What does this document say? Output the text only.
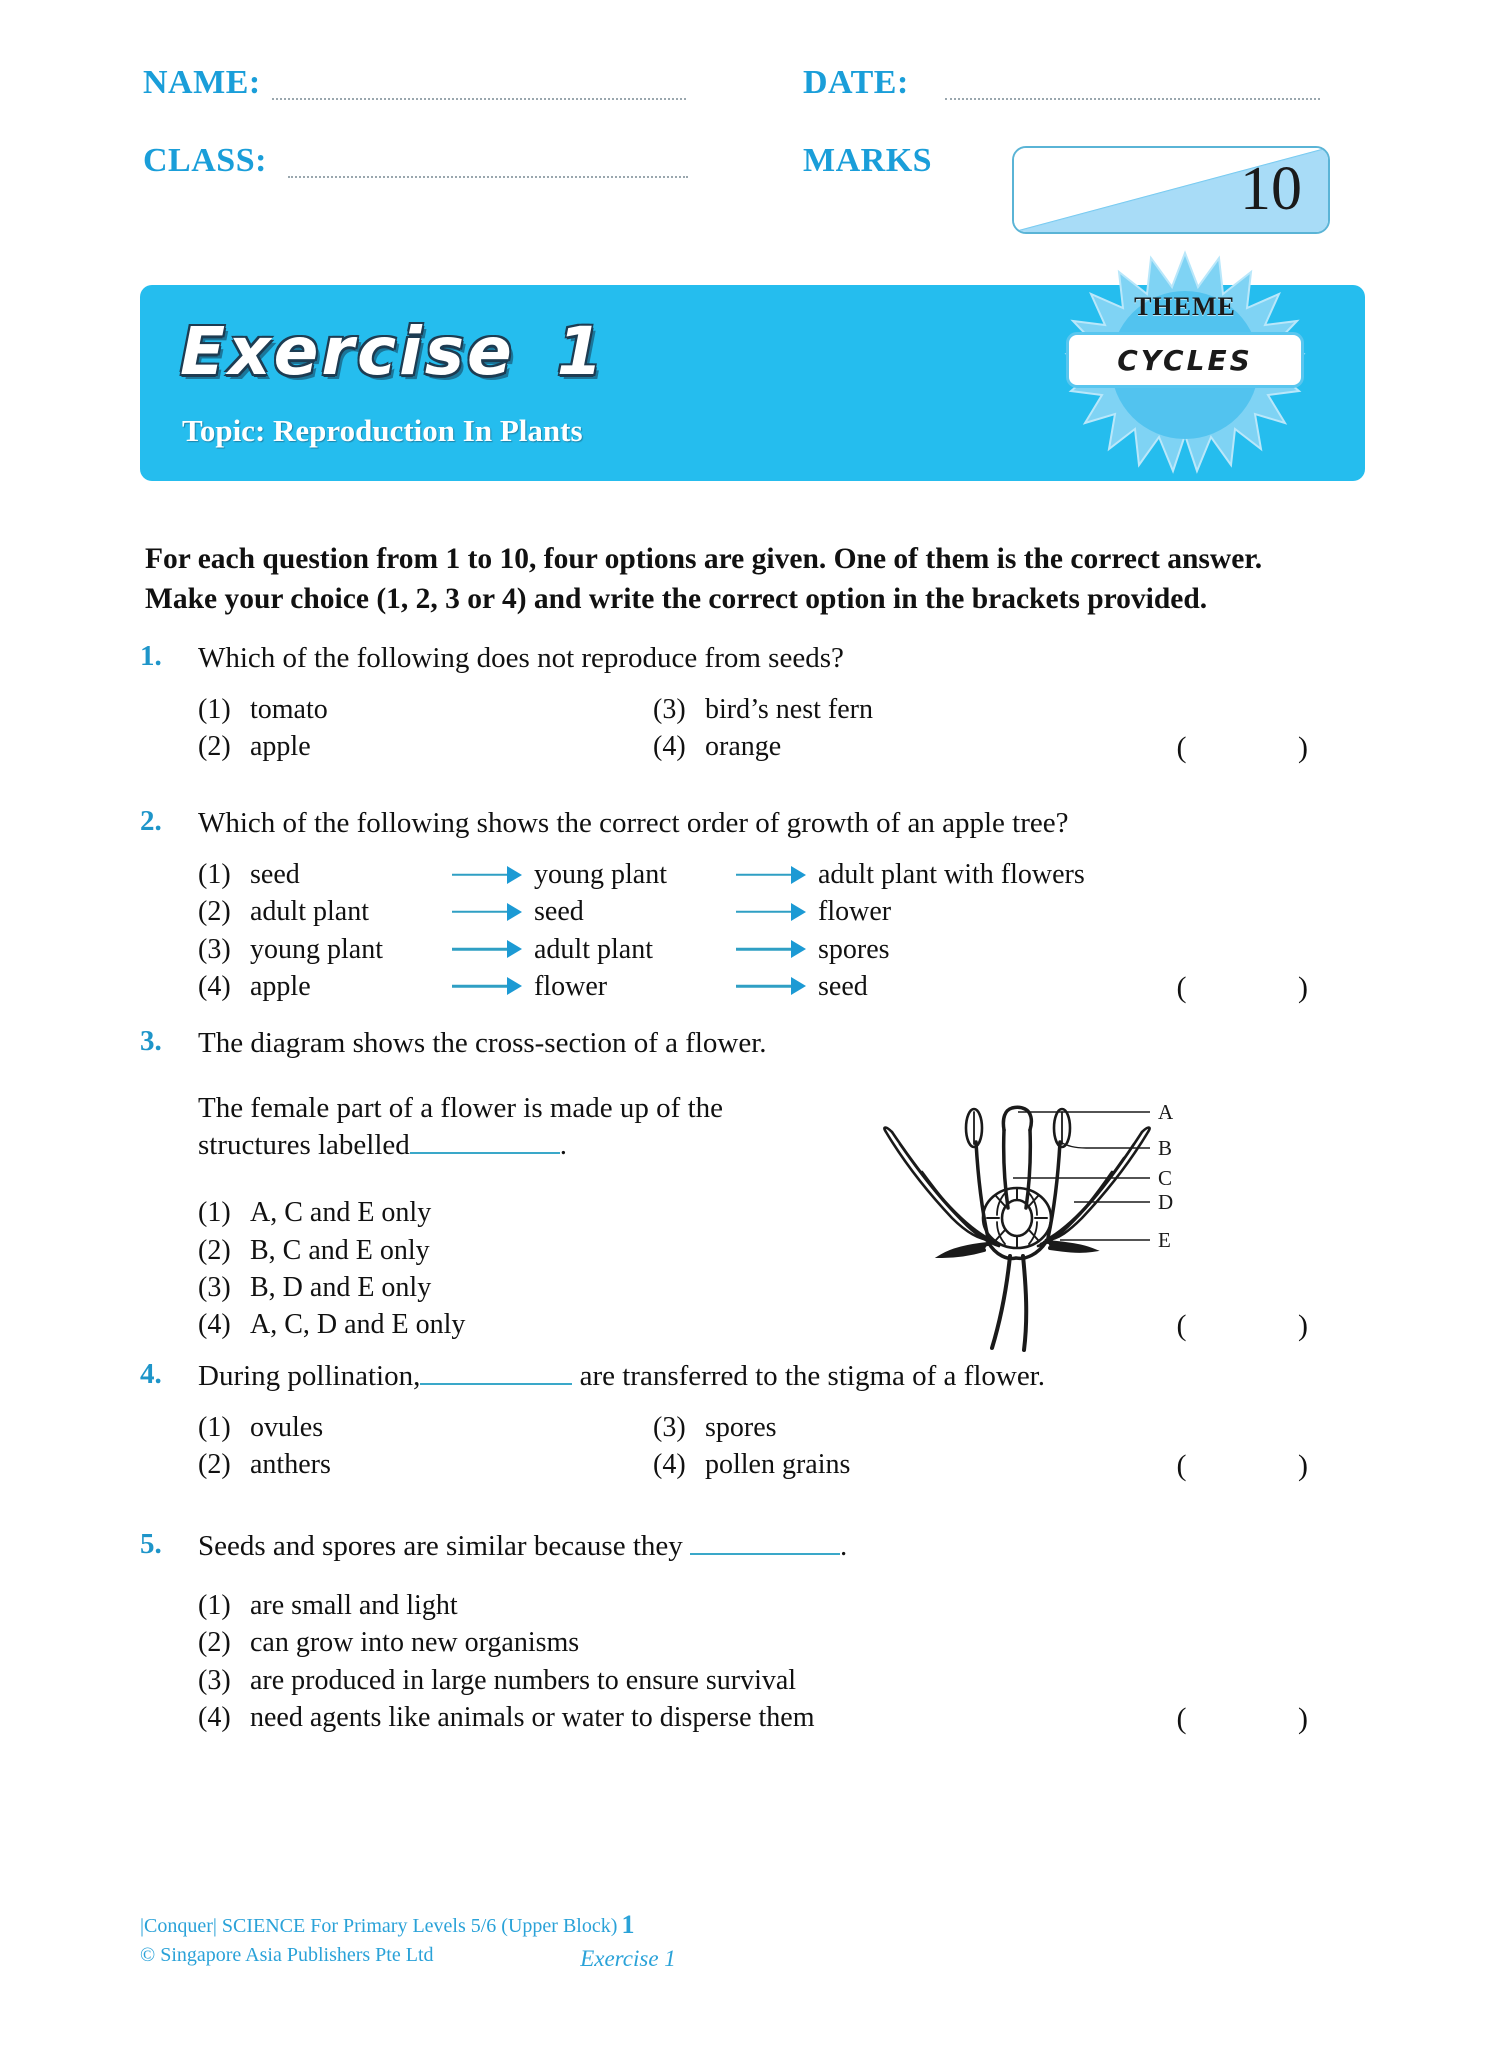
NAME:	DATE:
CLASS:	MARKS	10
Exercise 1
Topic: Reproduction In Plants
THEME
CYCLES
For each question from 1 to 10, four options are given. One of them is the correct answer.
Make your choice (1, 2, 3 or 4) and write the correct option in the brackets provided.
1.	Which of the following does not reproduce from seeds?
(1) tomato	(3) bird’s nest fern
(2) apple	(4) orange	( )
2.	Which of the following shows the correct order of growth of an apple tree?
(1) seed	young plant	adult plant with flowers
(2) adult plant	seed	flower
(3) young plant	adult plant	spores
(4) apple	flower	seed	( )
3.	The diagram shows the cross-section of a flower.
The female part of a flower is made up of the structures labelled	.
(1) A, C and E only
(2) B, C and E only
(3) B, D and E only
(4) A, C, D and E only	( )
A
B
C
D
E
4.	During pollination,	are transferred to the stigma of a flower.
(1) ovules	(3) spores
(2) anthers	(4) pollen grains	( )
5.	Seeds and spores are similar because they	.
(1) are small and light
(2) can grow into new organisms
(3) are produced in large numbers to ensure survival
(4) need agents like animals or water to disperse them	( )
|Conquer| SCIENCE For Primary Levels 5/6 (Upper Block)
© Singapore Asia Publishers Pte Ltd
1
Exercise 1
